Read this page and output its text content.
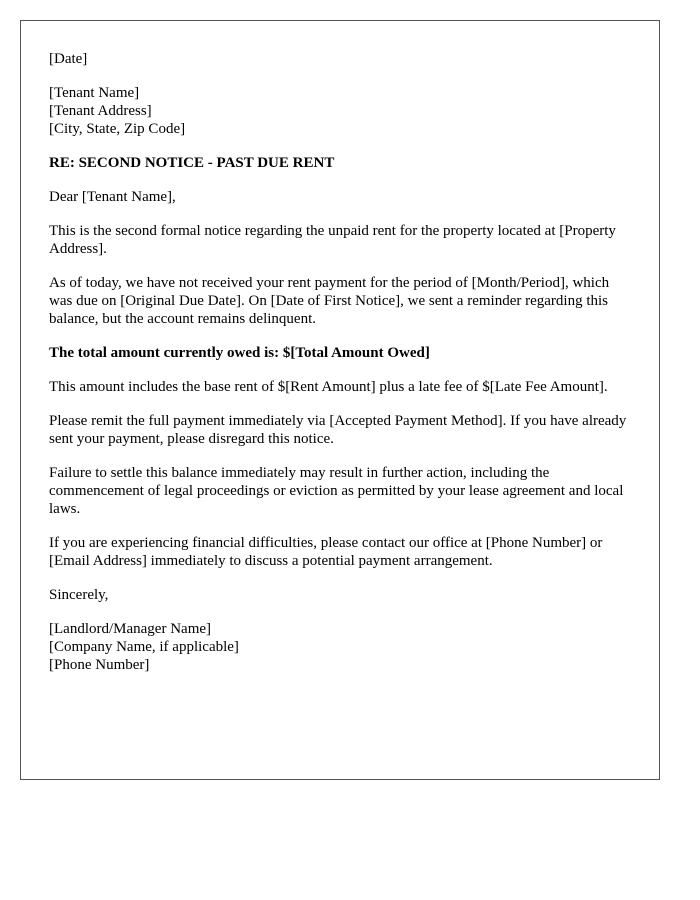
[Date]

[Tenant Name]
[Tenant Address]
[City, State, Zip Code]

RE: SECOND NOTICE - PAST DUE RENT

Dear [Tenant Name],

This is the second formal notice regarding the unpaid rent for the property located at [Property Address].

As of today, we have not received your rent payment for the period of [Month/Period], which was due on [Original Due Date]. On [Date of First Notice], we sent a reminder regarding this balance, but the account remains delinquent.

The total amount currently owed is: $[Total Amount Owed]

This amount includes the base rent of $[Rent Amount] plus a late fee of $[Late Fee Amount].

Please remit the full payment immediately via [Accepted Payment Method]. If you have already sent your payment, please disregard this notice.

Failure to settle this balance immediately may result in further action, including the commencement of legal proceedings or eviction as permitted by your lease agreement and local laws.

If you are experiencing financial difficulties, please contact our office at [Phone Number] or [Email Address] immediately to discuss a potential payment arrangement.

Sincerely,

[Landlord/Manager Name]
[Company Name, if applicable]
[Phone Number]
